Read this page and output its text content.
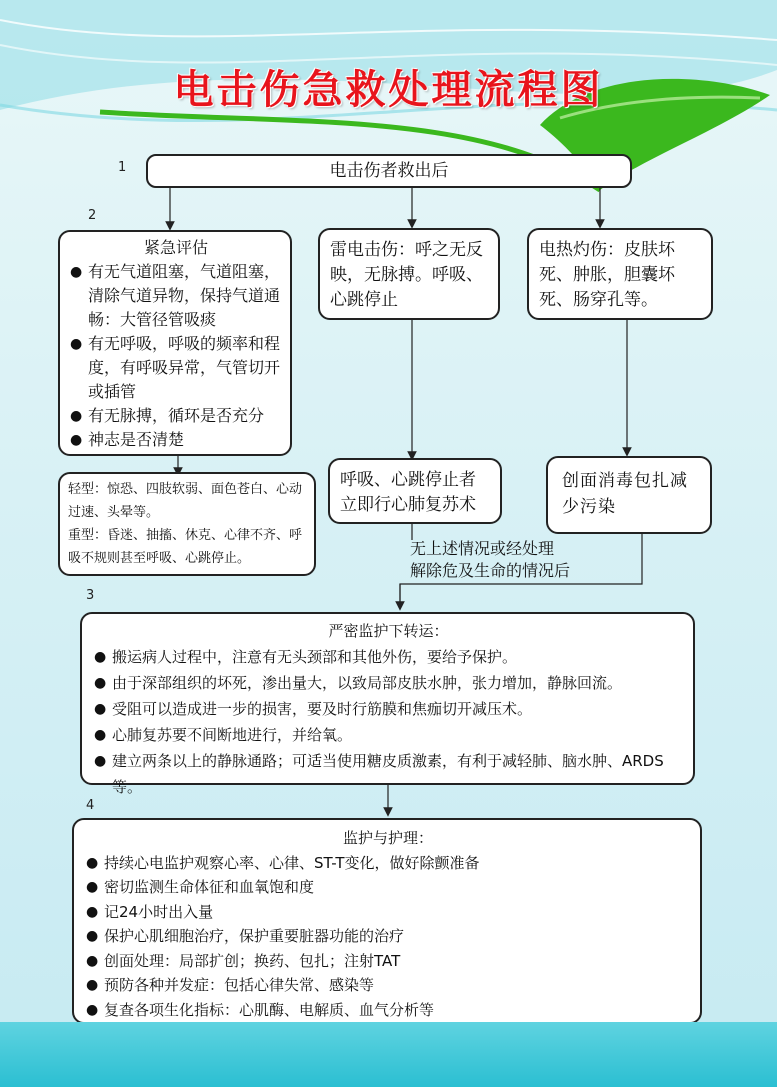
电击伤急救处理流程图
1
2
3
4
电击伤者救出后
紧急评估
● 有无气道阻塞，气道阻塞，清除气道异物，保持气道通畅：大管径管吸痰
● 有无呼吸，呼吸的频率和程度，有呼吸异常，气管切开或插管
● 有无脉搏，循环是否充分
● 神志是否清楚
雷电击伤：呼之无反映，无脉搏。呼吸、心跳停止
电热灼伤：皮肤坏死、肿胀，胆囊坏死、肠穿孔等。
轻型：惊恐、四肢软弱、面色苍白、心动过速、头晕等。
重型：昏迷、抽搐、休克、心律不齐、呼吸不规则甚至呼吸、心跳停止。
呼吸、心跳停止者立即行心肺复苏术
创面消毒包扎减少污染
无上述情况或经处理
解除危及生命的情况后
严密监护下转运：
● 搬运病人过程中，注意有无头颈部和其他外伤，要给予保护。
● 由于深部组织的坏死，渗出量大，以致局部皮肤水肿，张力增加，静脉回流。
● 受阻可以造成进一步的损害，要及时行筋膜和焦痂切开减压术。
● 心肺复苏要不间断地进行，并给氧。
● 建立两条以上的静脉通路；可适当使用糖皮质激素，有利于减轻肺、脑水肿、ARDS等。
监护与护理：
● 持续心电监护观察心率、心律、ST-T变化，做好除颤准备
● 密切监测生命体征和血氧饱和度
● 记24小时出入量
● 保护心肌细胞治疗，保护重要脏器功能的治疗
● 创面处理：局部扩创；换药、包扎；注射TAT
● 预防各种并发症：包括心律失常、感染等
● 复查各项生化指标：心肌酶、电解质、血气分析等
